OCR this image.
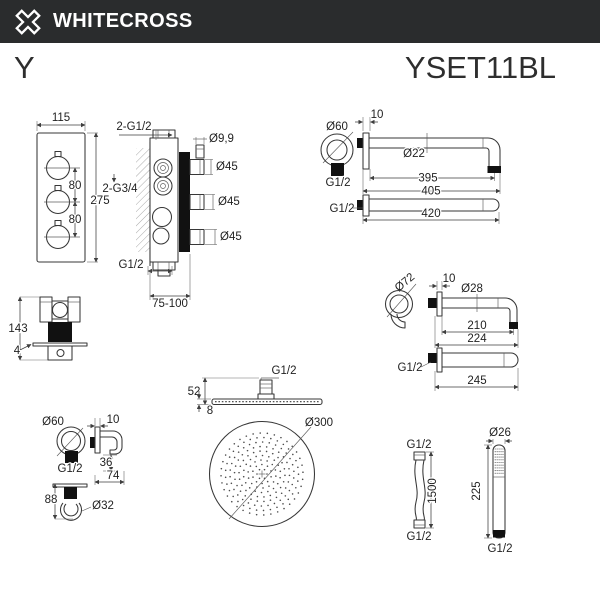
WHITECROSS
Y	YSET11BL
115
275
80
80
2-G1/2
2-G3/4
Ø9,9
Ø45
Ø45
Ø45
G1/2
75-100
Ø60
G1/2
10
Ø22
395
405
G1/2	420
Ø72 10
Ø28
210
224
G1/2
245
143
4
G1/2
52
8
Ø300
Ø60
G1/2
10
36
74
88	Ø32
G1/2
1500
G1/2
Ø26
225
G1/2
